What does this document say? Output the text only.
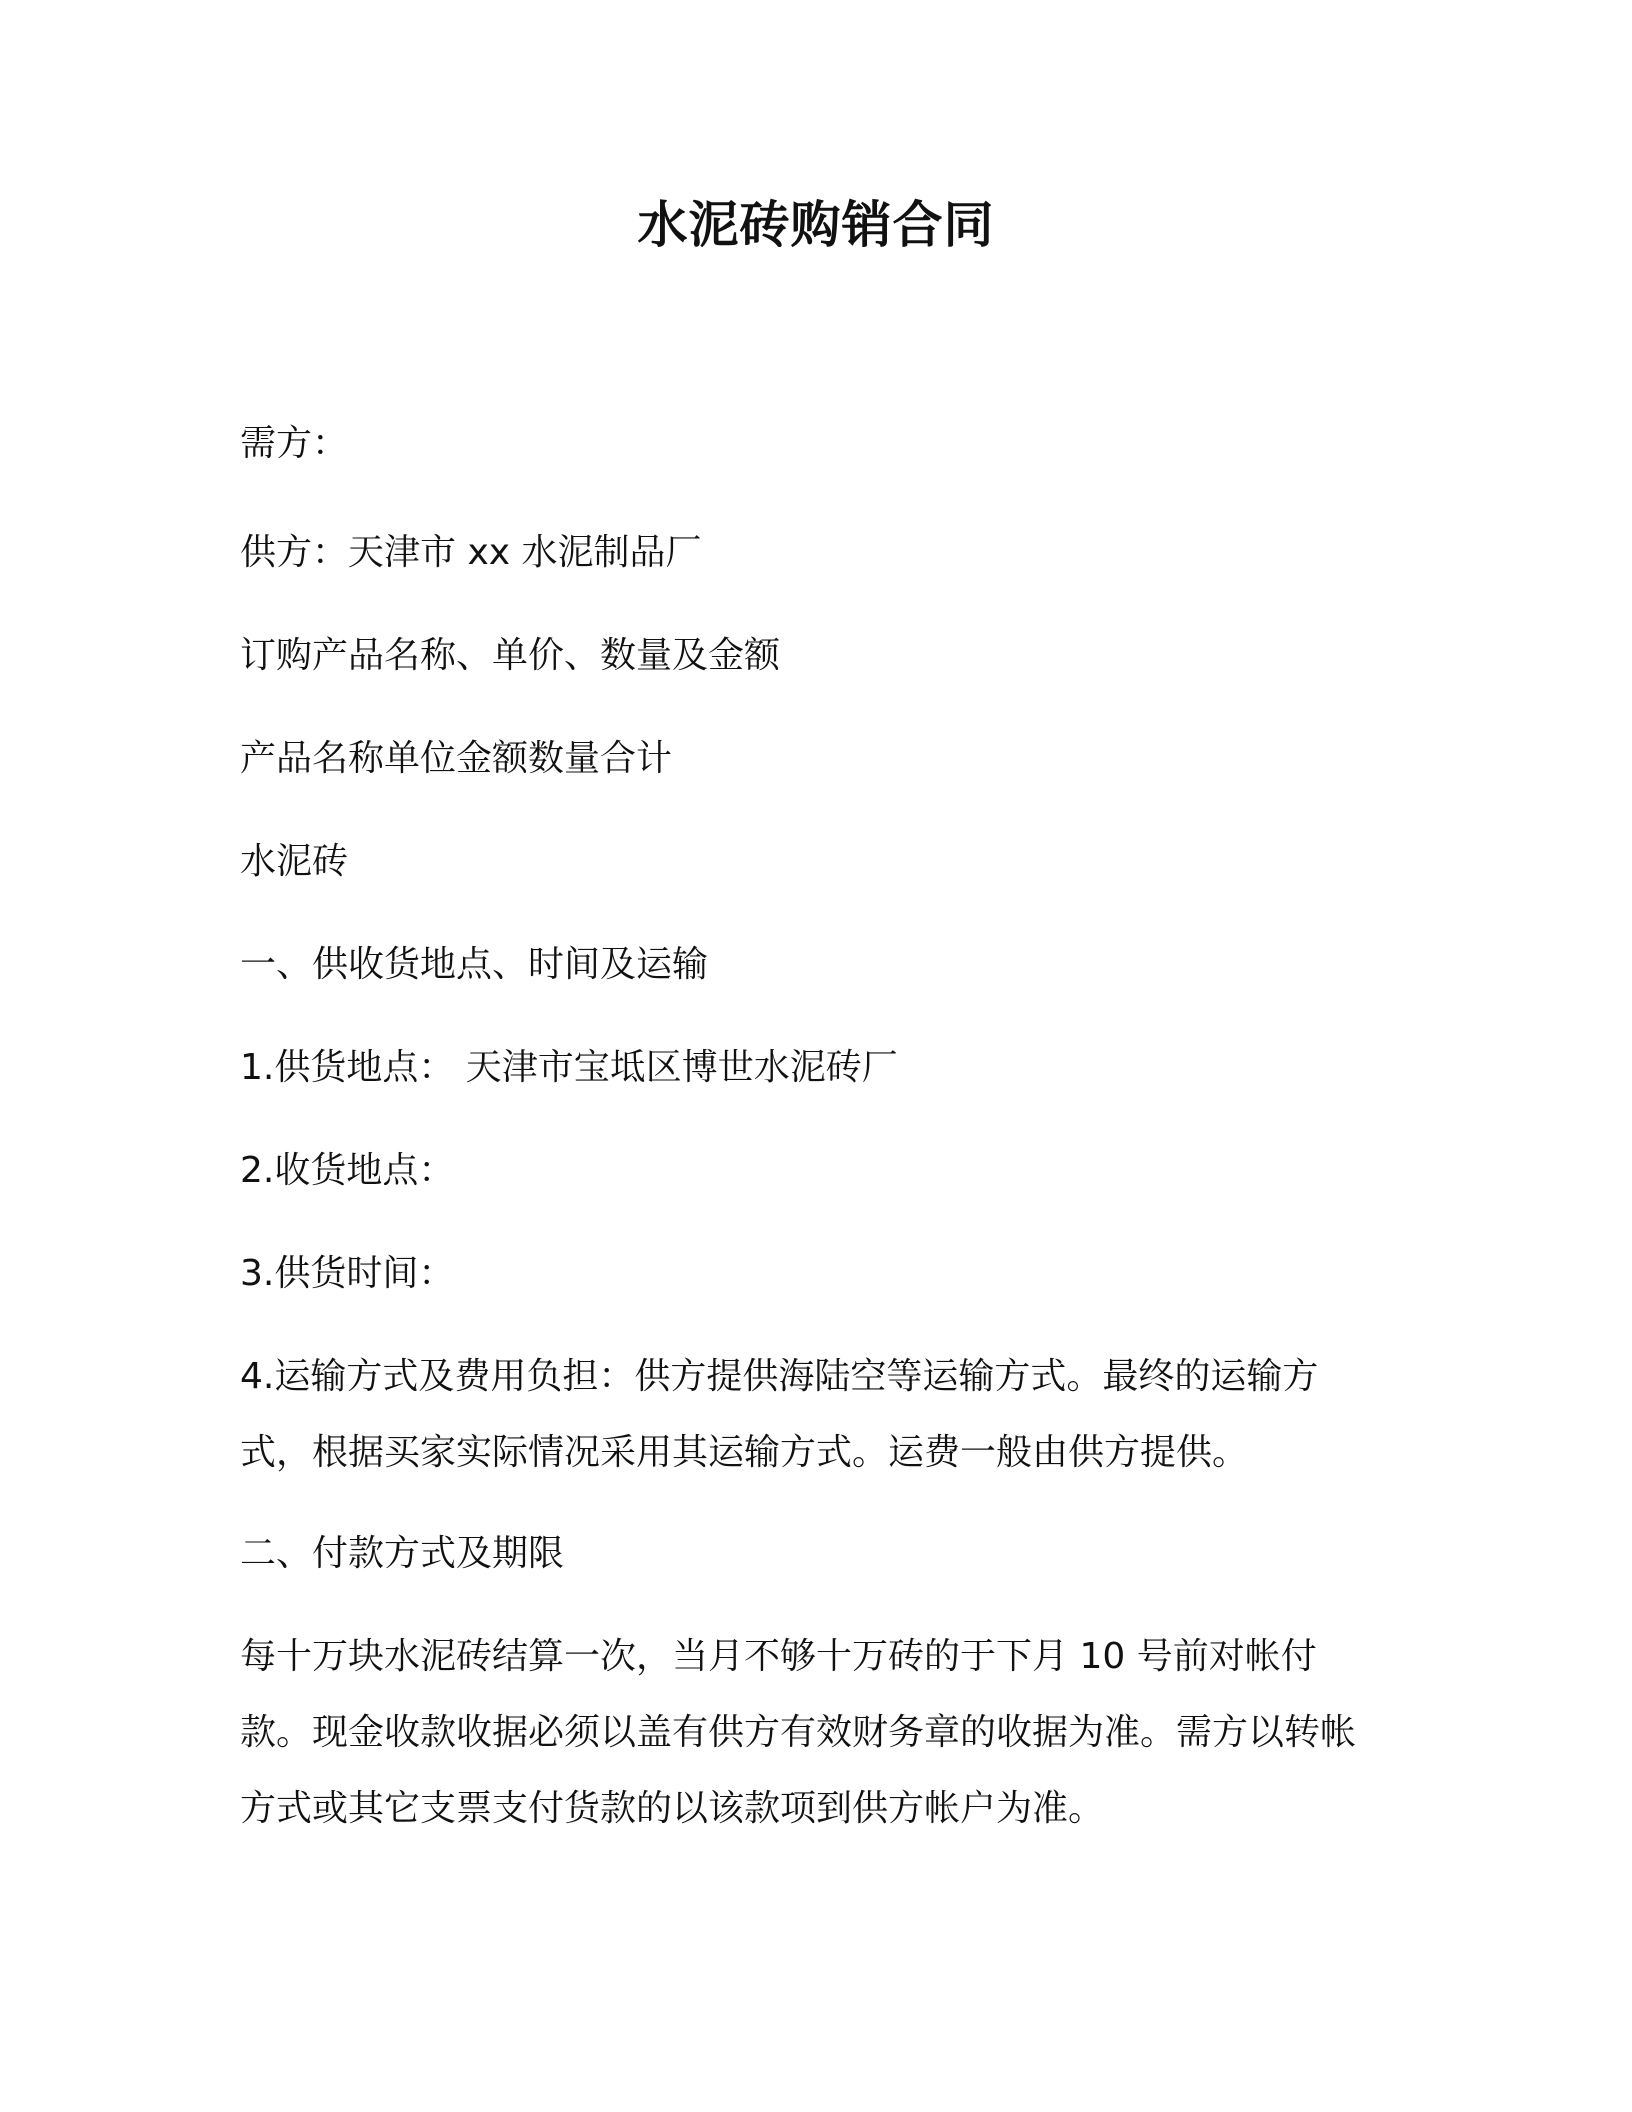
水泥砖购销合同

需方：

供方：天津市 xx 水泥制品厂

订购产品名称、单价、数量及金额

产品名称单位金额数量合计

水泥砖

一、供收货地点、时间及运输

1.供货地点： 天津市宝坻区博世水泥砖厂

2.收货地点：

3.供货时间：

4.运输方式及费用负担：供方提供海陆空等运输方式。最终的运输方式，根据买家实际情况采用其运输方式。运费一般由供方提供。

二、付款方式及期限

每十万块水泥砖结算一次，当月不够十万砖的于下月 10 号前对帐付款。现金收款收据必须以盖有供方有效财务章的收据为准。需方以转帐方式或其它支票支付货款的以该款项到供方帐户为准。
